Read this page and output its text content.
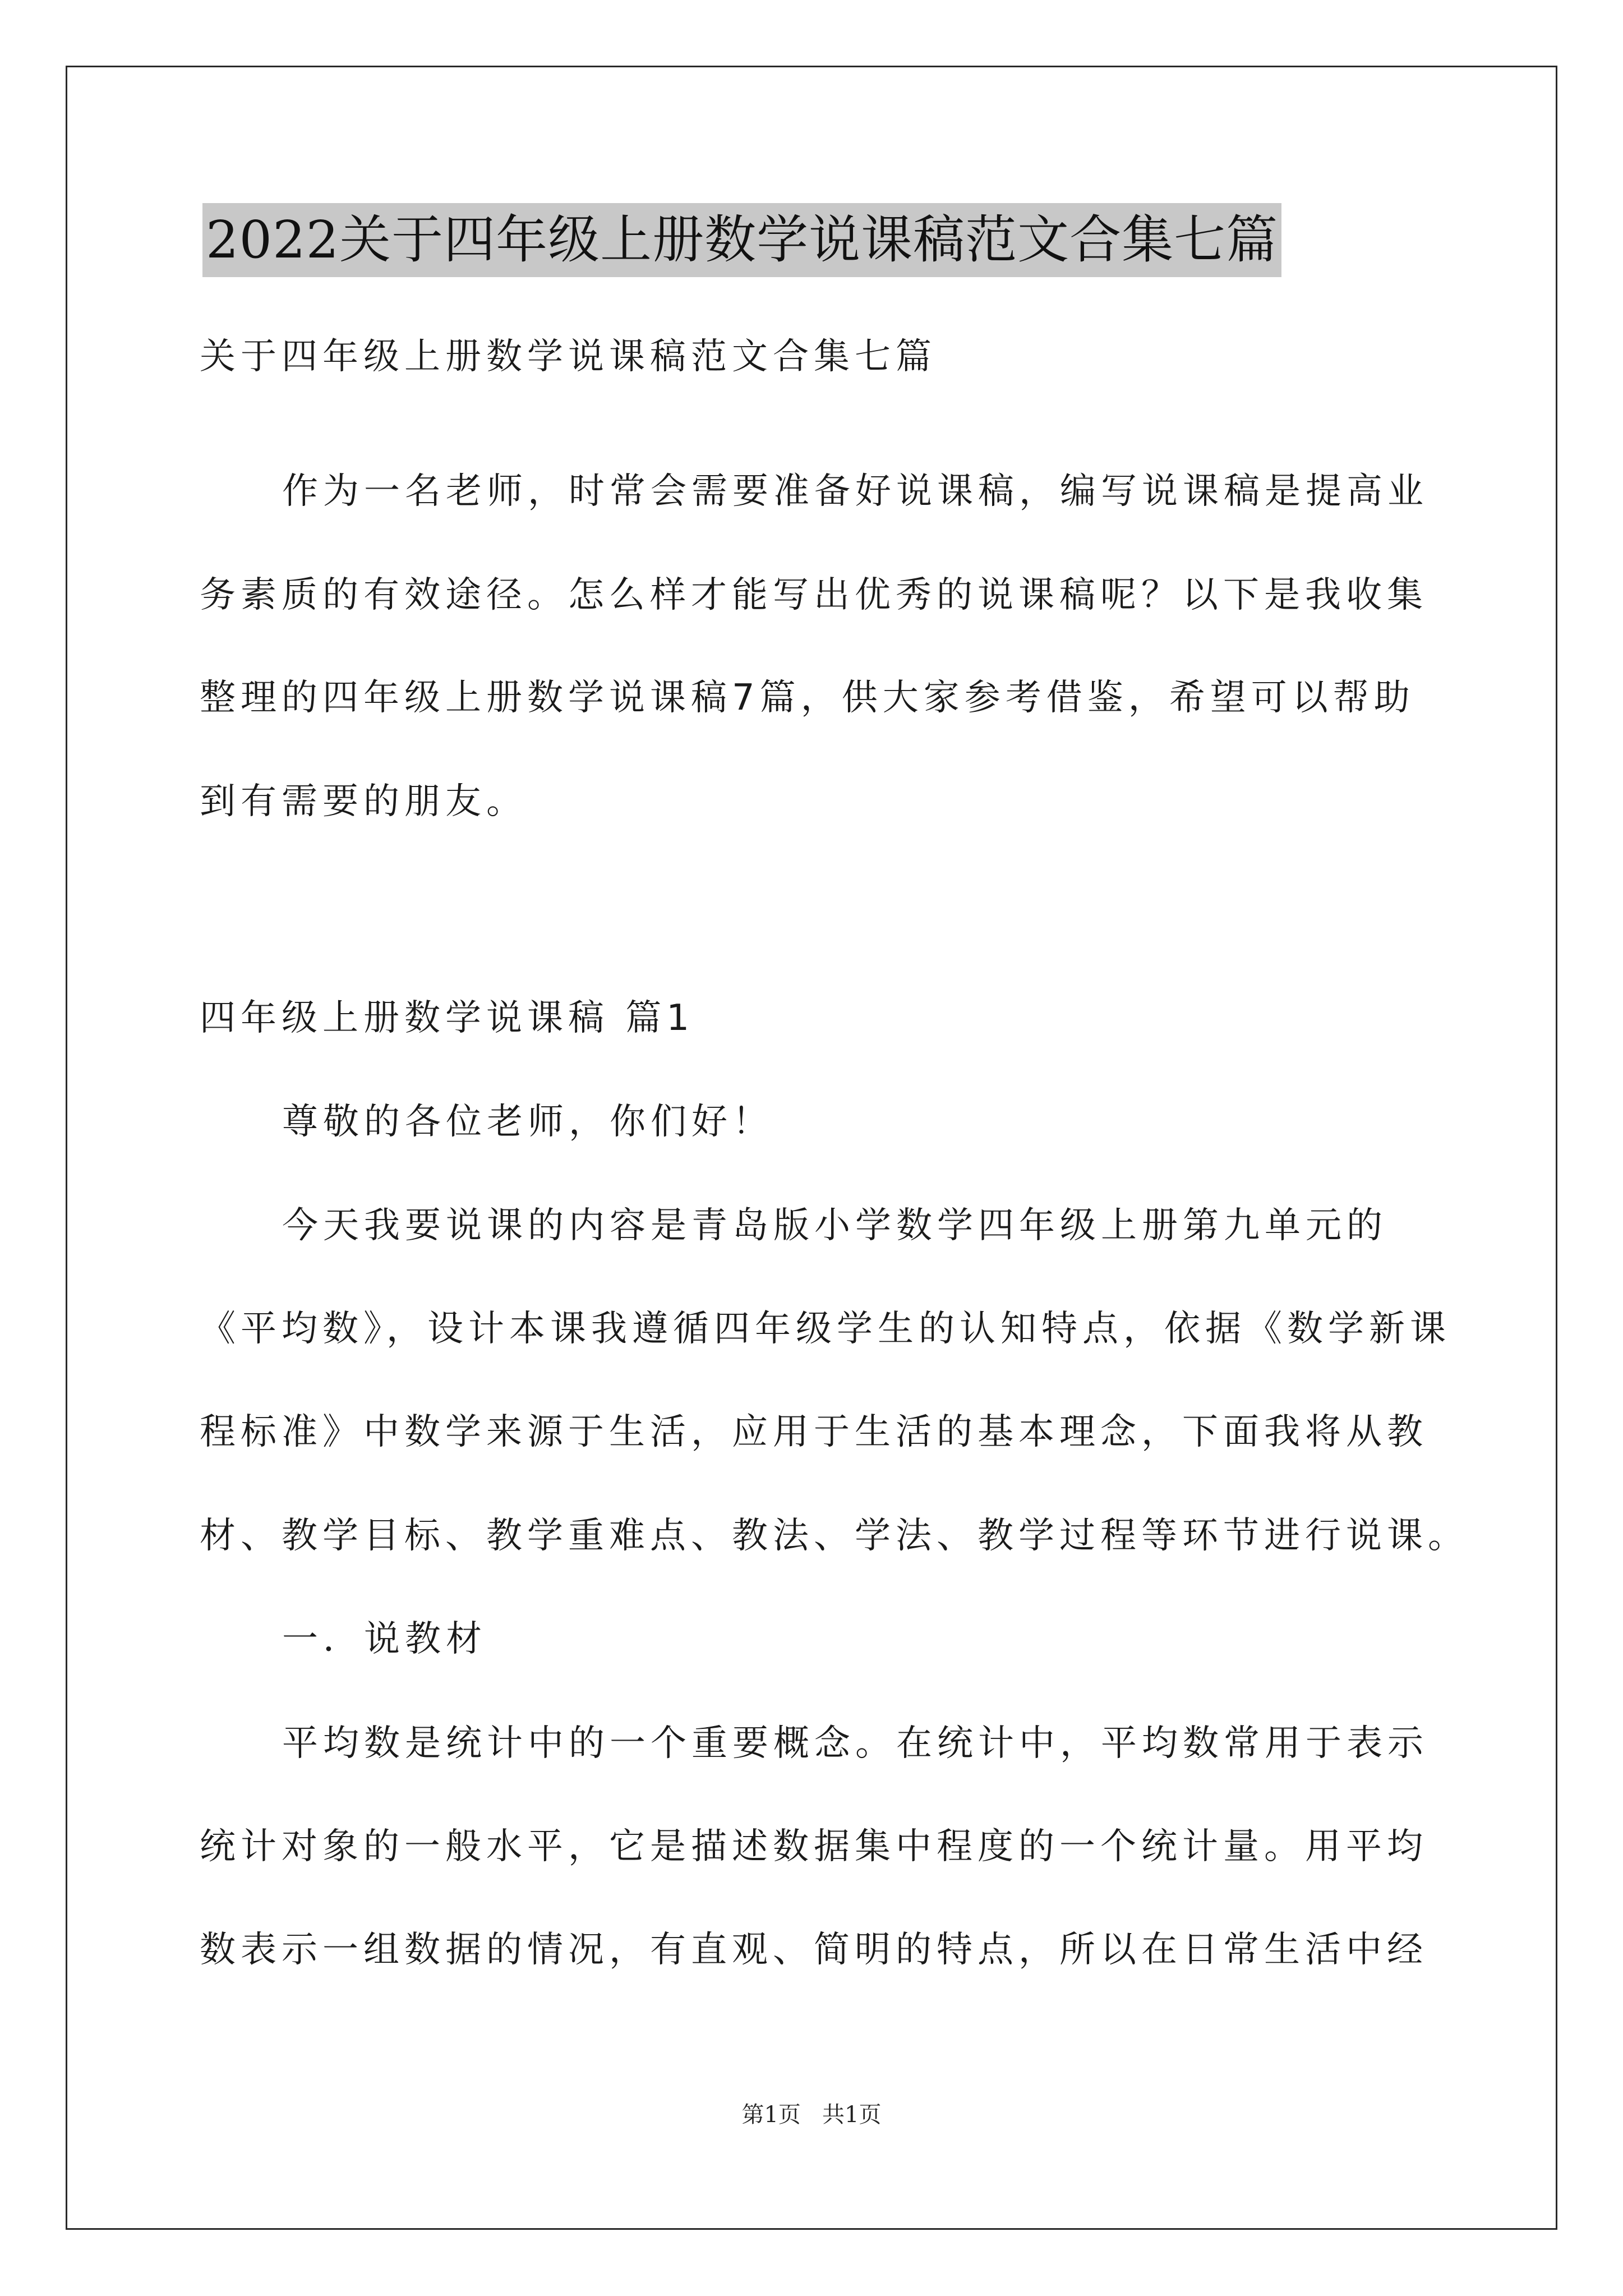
2022关于四年级上册数学说课稿范文合集七篇
关于四年级上册数学说课稿范文合集七篇
作为一名老师，时常会需要准备好说课稿，编写说课稿是提高业
务素质的有效途径。怎么样才能写出优秀的说课稿呢？以下是我收集
整理的四年级上册数学说课稿7篇，供大家参考借鉴，希望可以帮助
到有需要的朋友。
四年级上册数学说课稿 篇1
尊敬的各位老师，你们好！
今天我要说课的内容是青岛版小学数学四年级上册第九单元的
《平均数》，设计本课我遵循四年级学生的认知特点，依据《数学新课
程标准》中数学来源于生活，应用于生活的基本理念，下面我将从教
材、教学目标、教学重难点、教法、学法、教学过程等环节进行说课。
一．说教材
平均数是统计中的一个重要概念。在统计中，平均数常用于表示
统计对象的一般水平，它是描述数据集中程度的一个统计量。用平均
数表示一组数据的情况，有直观、简明的特点，所以在日常生活中经
第1页   共1页
